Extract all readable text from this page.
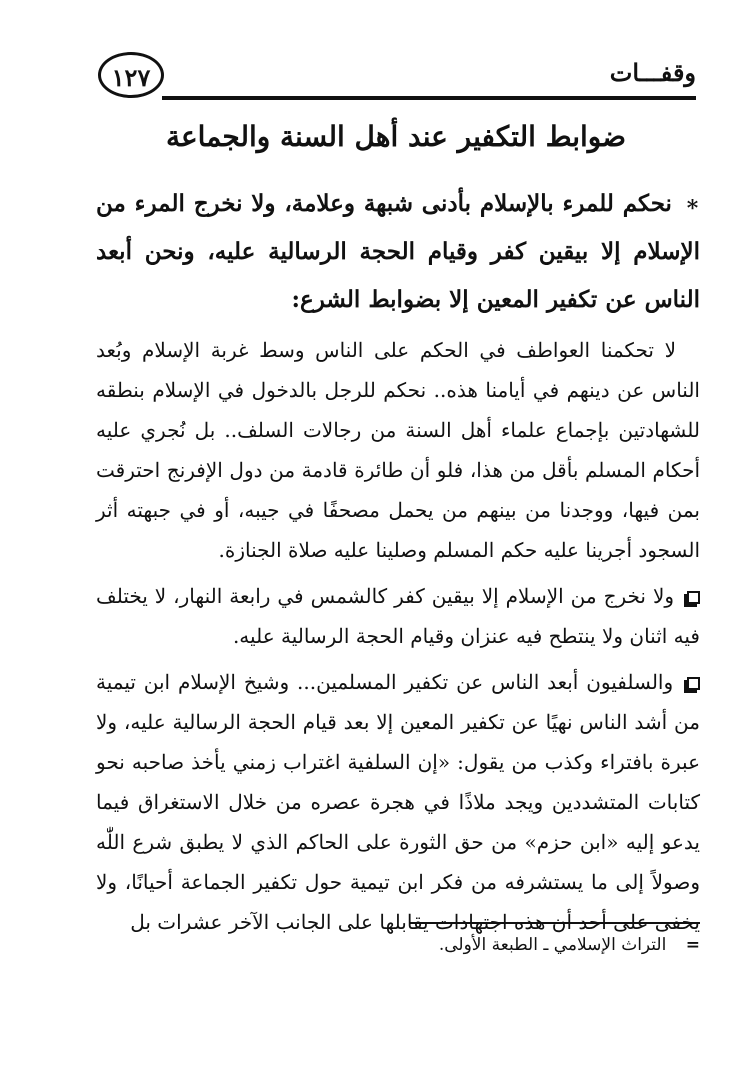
١٢٧	وقفـــات
ضوابط التكفير عند أهل السنة والجماعة

∗ نحكم للمرء بالإسلام بأدنى شبهة وعلامة، ولا نخرج المرء من الإسلام إلا بيقين كفر وقيام الحجة الرسالية عليه، ونحن أبعد الناس عن تكفير المعين إلا بضوابط الشرع:

لا تحكمنا العواطف في الحكم على الناس وسط غربة الإسلام وبُعد الناس عن دينهم في أيامنا هذه.. نحكم للرجل بالدخول في الإسلام بنطقه للشهادتين بإجماع علماء أهل السنة من رجالات السلف.. بل نُجري عليه أحكام المسلم بأقل من هذا، فلو أن طائرة قادمة من دول الإفرنج احترقت بمن فيها، ووجدنا من بينهم من يحمل مصحفًا في جيبه، أو في جبهته أثر السجود أجرينا عليه حكم المسلم وصلينا عليه صلاة الجنازة.

ولا نخرج من الإسلام إلا بيقين كفر كالشمس في رابعة النهار، لا يختلف فيه اثنان ولا ينتطح فيه عنزان وقيام الحجة الرسالية عليه.

والسلفيون أبعد الناس عن تكفير المسلمين... وشيخ الإسلام ابن تيمية من أشد الناس نهيًا عن تكفير المعين إلا بعد قيام الحجة الرسالية عليه، ولا عبرة بافتراء وكذب من يقول: «إن السلفية اغتراب زمني يأخذ صاحبه نحو كتابات المتشددين ويجد ملاذًا في هجرة عصره من خلال الاستغراق فيما يدعو إليه «ابن حزم» من حق الثورة على الحاكم الذي لا يطبق شرع اللّٰه وصولاً إلى ما يستشرفه من فكر ابن تيمية حول تكفير الجماعة أحيانًا، ولا يخفى على أحد أن هذه اجتهادات يقابلها على الجانب الآخر عشرات بل

= التراث الإسلامي ـ الطبعة الأولى.
